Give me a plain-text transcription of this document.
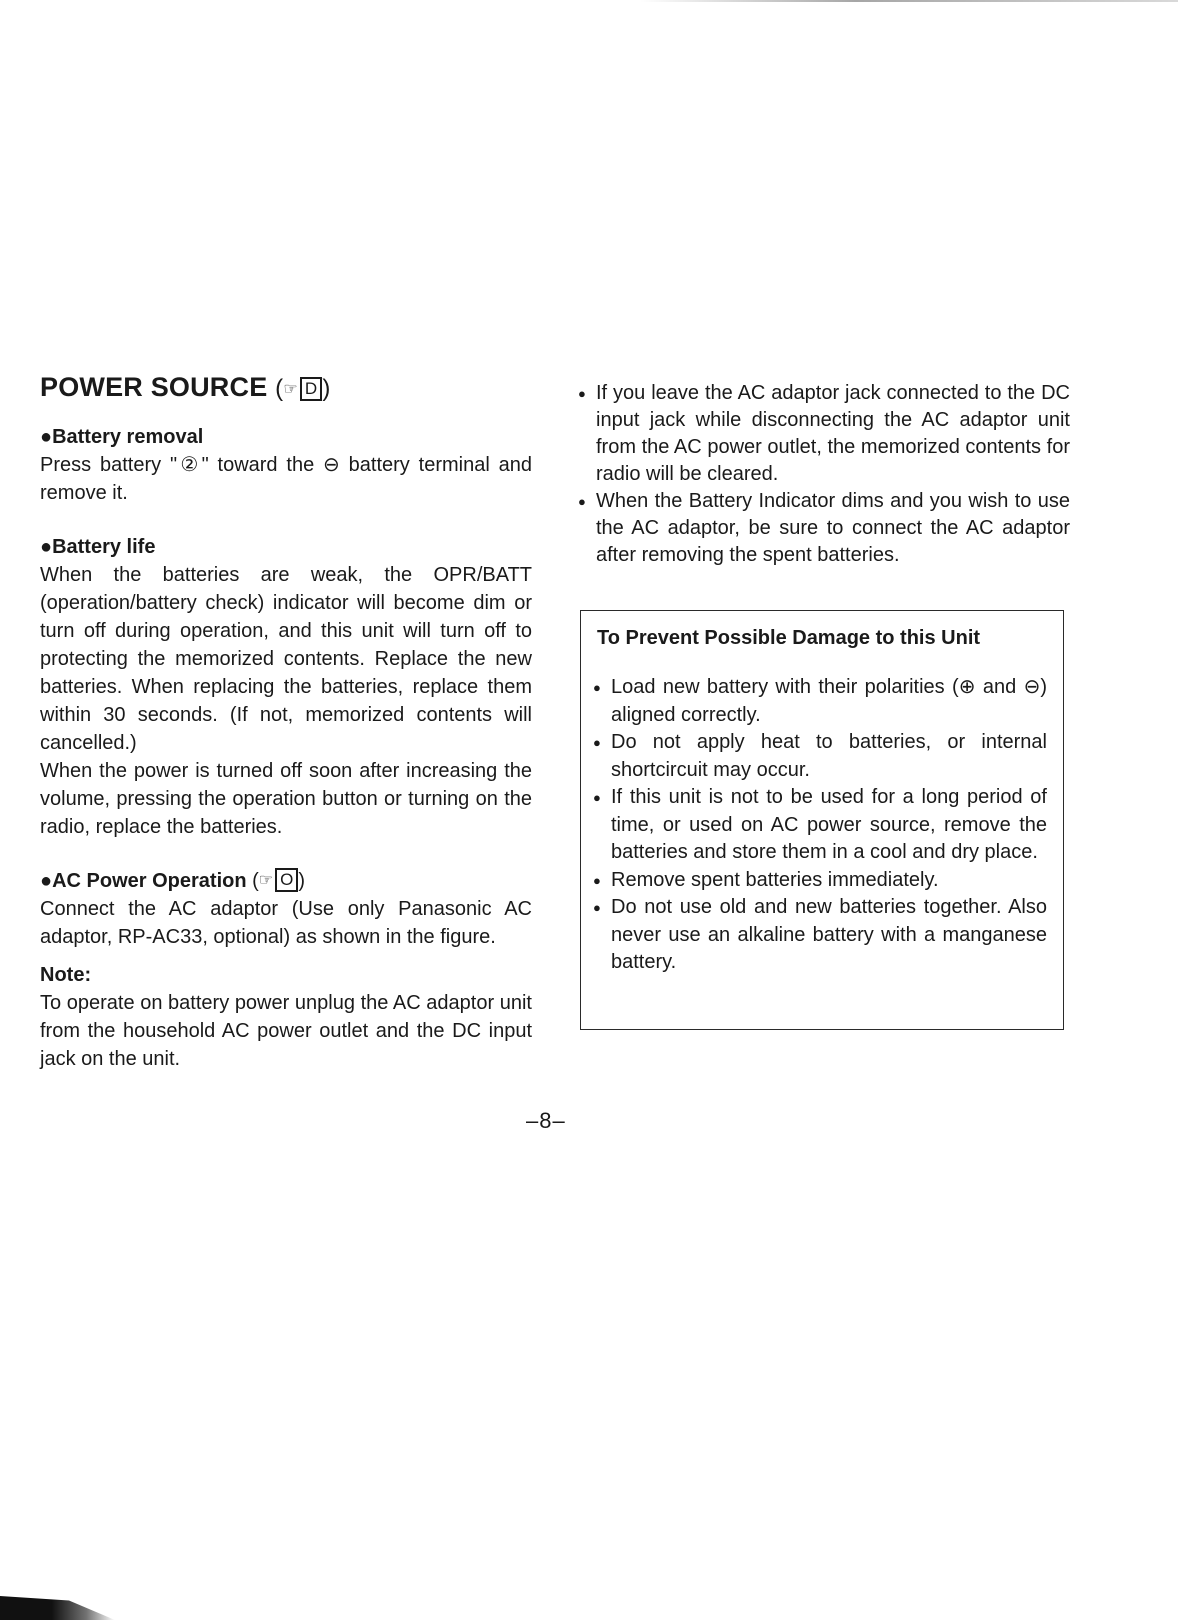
POWER SOURCE (☞ D )

●Battery removal

Press battery "②" toward the ⊖ battery terminal and remove it.

●Battery life

When the batteries are weak, the OPR/BATT (operation/battery check) indicator will become dim or turn off during operation, and this unit will turn off to protecting the memorized contents. Replace the new batteries. When replacing the batteries, replace them within 30 seconds. (If not, memorized contents will cancelled.)

When the power is turned off soon after increasing the volume, pressing the operation button or turning on the radio, replace the batteries.

●AC Power Operation (☞ O )

Connect the AC adaptor (Use only Panasonic AC adaptor, RP-AC33, optional) as shown in the figure.

Note:

To operate on battery power unplug the AC adaptor unit from the household AC power outlet and the DC input jack on the unit.

● If you leave the AC adaptor jack connected to the DC input jack while disconnecting the AC adaptor unit from the AC power outlet, the memorized contents for radio will be cleared.
● When the Battery Indicator dims and you wish to use the AC adaptor, be sure to connect the AC adaptor after removing the spent batteries.

To Prevent Possible Damage to this Unit

● Load new battery with their polarities (⊕ and ⊖) aligned correctly.
● Do not apply heat to batteries, or internal shortcircuit may occur.
● If this unit is not to be used for a long period of time, or used on AC power source, remove the batteries and store them in a cool and dry place.
● Remove spent batteries immediately.
● Do not use old and new batteries together. Also never use an alkaline battery with a manganese battery.
–8–
